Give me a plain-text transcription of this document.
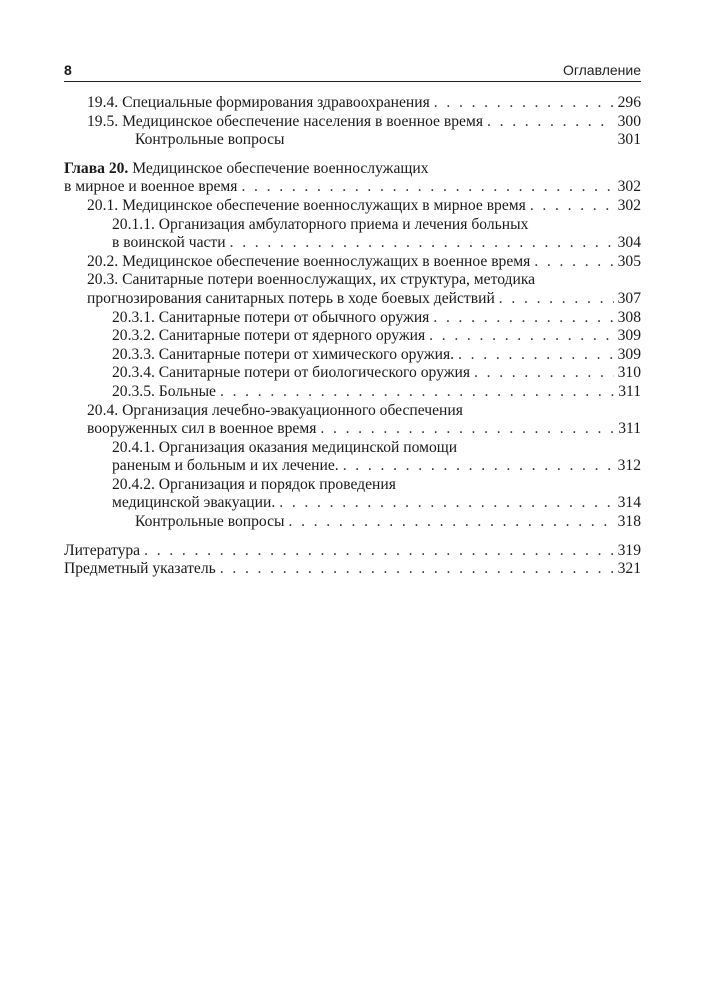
8	Оглавление
19.4. Специальные формирования здравоохранения . . .	296
19.5. Медицинское обеспечение населения в военное время . . .	300
Контрольные вопросы	301
Глава 20. Медицинское обеспечение военнослужащих
в мирное и военное время . . .	302
20.1. Медицинское обеспечение военнослужащих в мирное время . . .	302
20.1.1. Организация амбулаторного приема и лечения больных
в воинской части . . .	304
20.2. Медицинское обеспечение военнослужащих в военное время . . .	305
20.3. Санитарные потери военнослужащих, их структура, методика
прогнозирования санитарных потерь в ходе боевых действий . . .	307
20.3.1. Санитарные потери от обычного оружия . . .	308
20.3.2. Санитарные потери от ядерного оружия . . .	309
20.3.3. Санитарные потери от химического оружия. . . .	309
20.3.4. Санитарные потери от биологического оружия . . .	310
20.3.5. Больные . . .	311
20.4. Организация лечебно-эвакуационного обеспечения
вооруженных сил в военное время . . .	311
20.4.1. Организация оказания медицинской помощи
раненым и больным и их лечение. . . .	312
20.4.2. Организация и порядок проведения
медицинской эвакуации. . . .	314
Контрольные вопросы . . .	318
Литература . . .	319
Предметный указатель . . .	321
